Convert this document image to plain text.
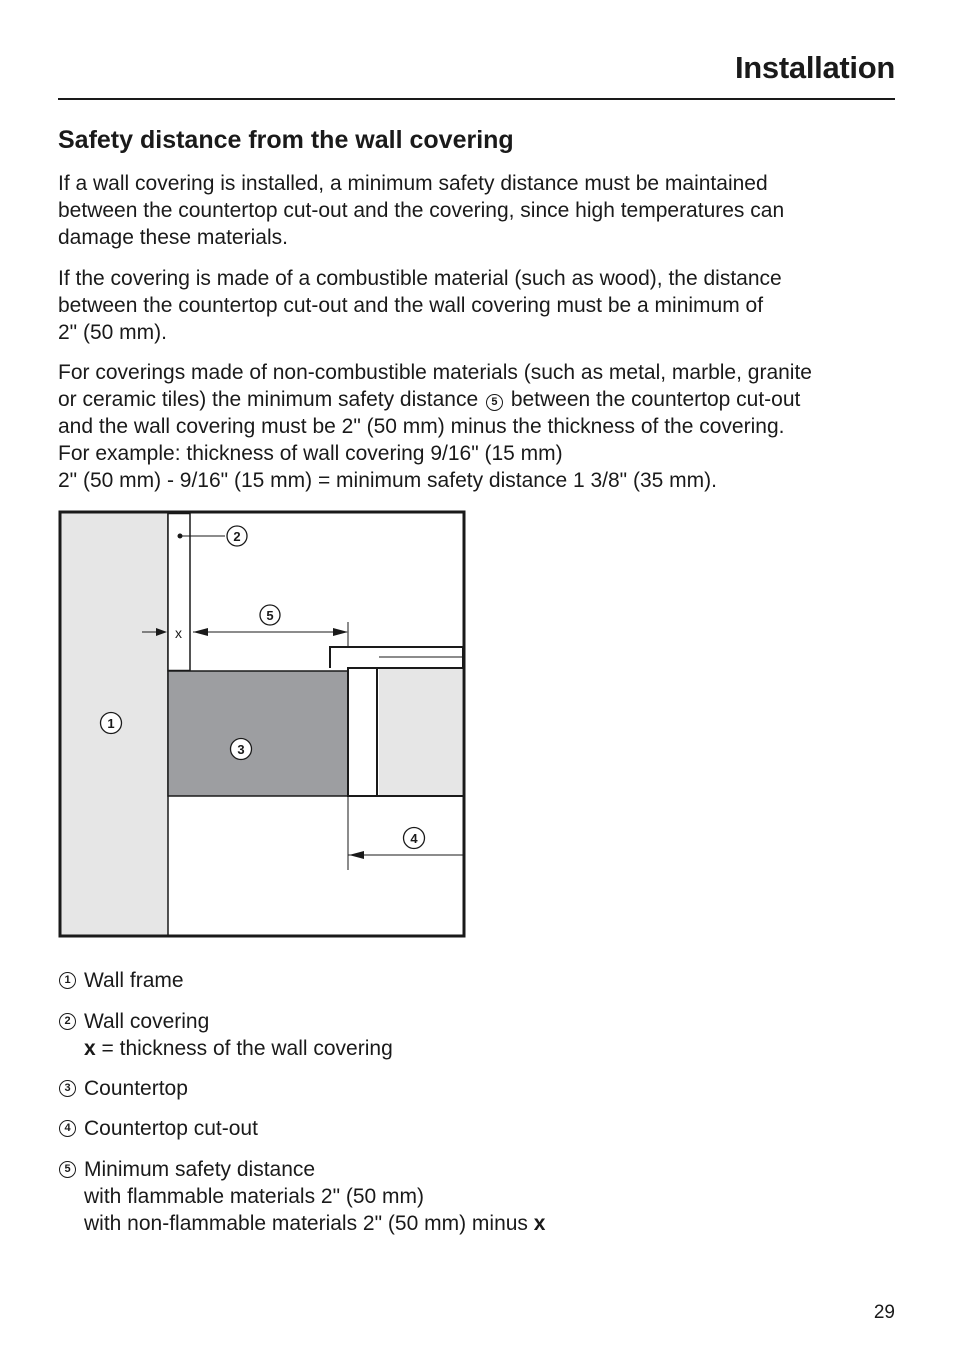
Installation
Safety distance from the wall covering

If a wall covering is installed, a minimum safety distance must be maintained
between the countertop cut-out and the covering, since high temperatures can
damage these materials.

If the covering is made of a combustible material (such as wood), the distance
between the countertop cut-out and the wall covering must be a minimum of
2" (50 mm).

For coverings made of non-combustible materials (such as metal, marble, granite
or ceramic tiles) the minimum safety distance 5 between the countertop cut-out
and the wall covering must be 2" (50 mm) minus the thickness of the covering.
For example: thickness of wall covering 9/16" (15 mm)
2" (50 mm) - 9/16" (15 mm) = minimum safety distance 1 3/8" (35 mm).

2
x
5
1
3
4
1 Wall frame
2 Wall covering
x = thickness of the wall covering
3 Countertop
4 Countertop cut-out
5 Minimum safety distance
with flammable materials 2" (50 mm)
with non-flammable materials 2" (50 mm) minus x
29
